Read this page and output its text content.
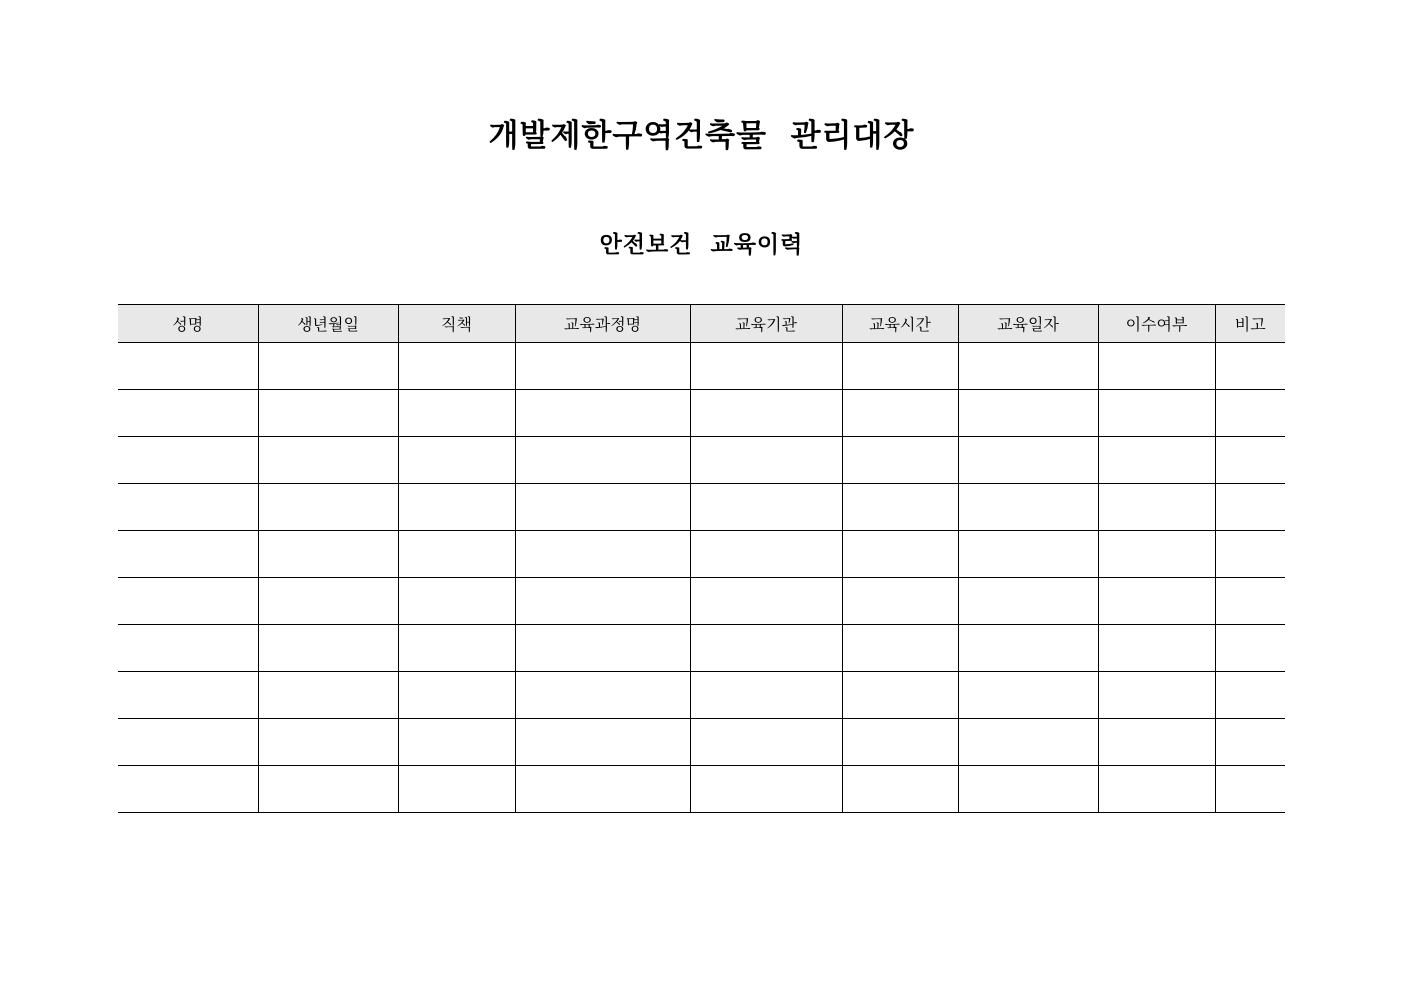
개발제한구역건축물  관리대장
안전보건  교육이력
성명	생년월일	직책	교육과정명	교육기관	교육시간	교육일자	이수여부	비고
